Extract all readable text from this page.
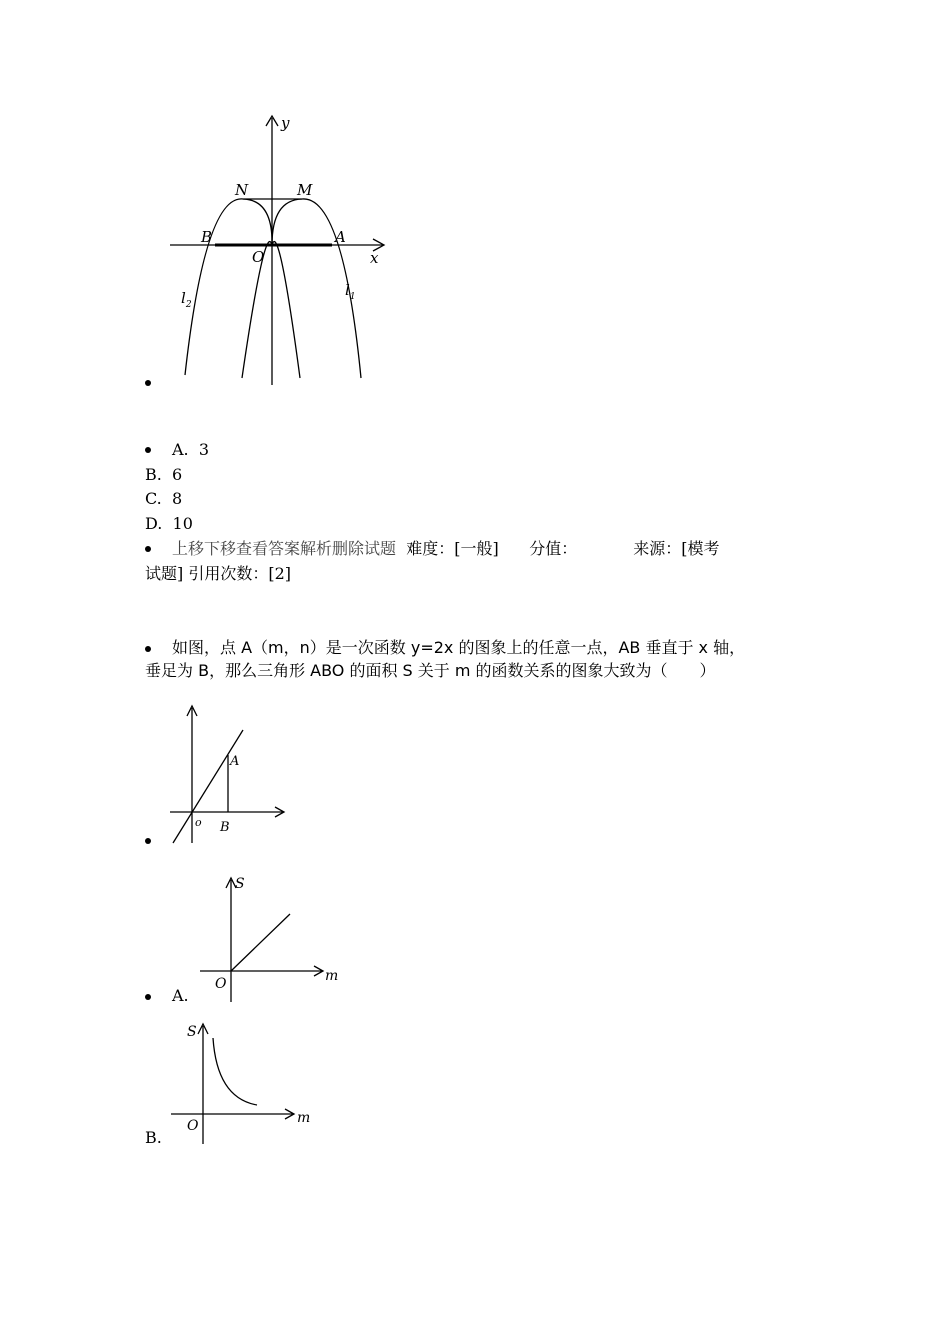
y
x
N	M
B	A
O
$l_2$
$l_1$
A. 3
B. 6
C. 8
D. 10
上移下移查看答案解析删除试题 难度：[一般] 分值：	来源：[模考
试题] 引用次数：[2]
如图，点 A（m，n）是一次函数 y=2x 的图象上的任意一点，AB 垂直于 x 轴，
垂足为 B，那么三角形 ABO 的面积 S 关于 m 的函数关系的图象大致为（　　）
A
B
o
S
O	m
A.
S
O	m
B.
